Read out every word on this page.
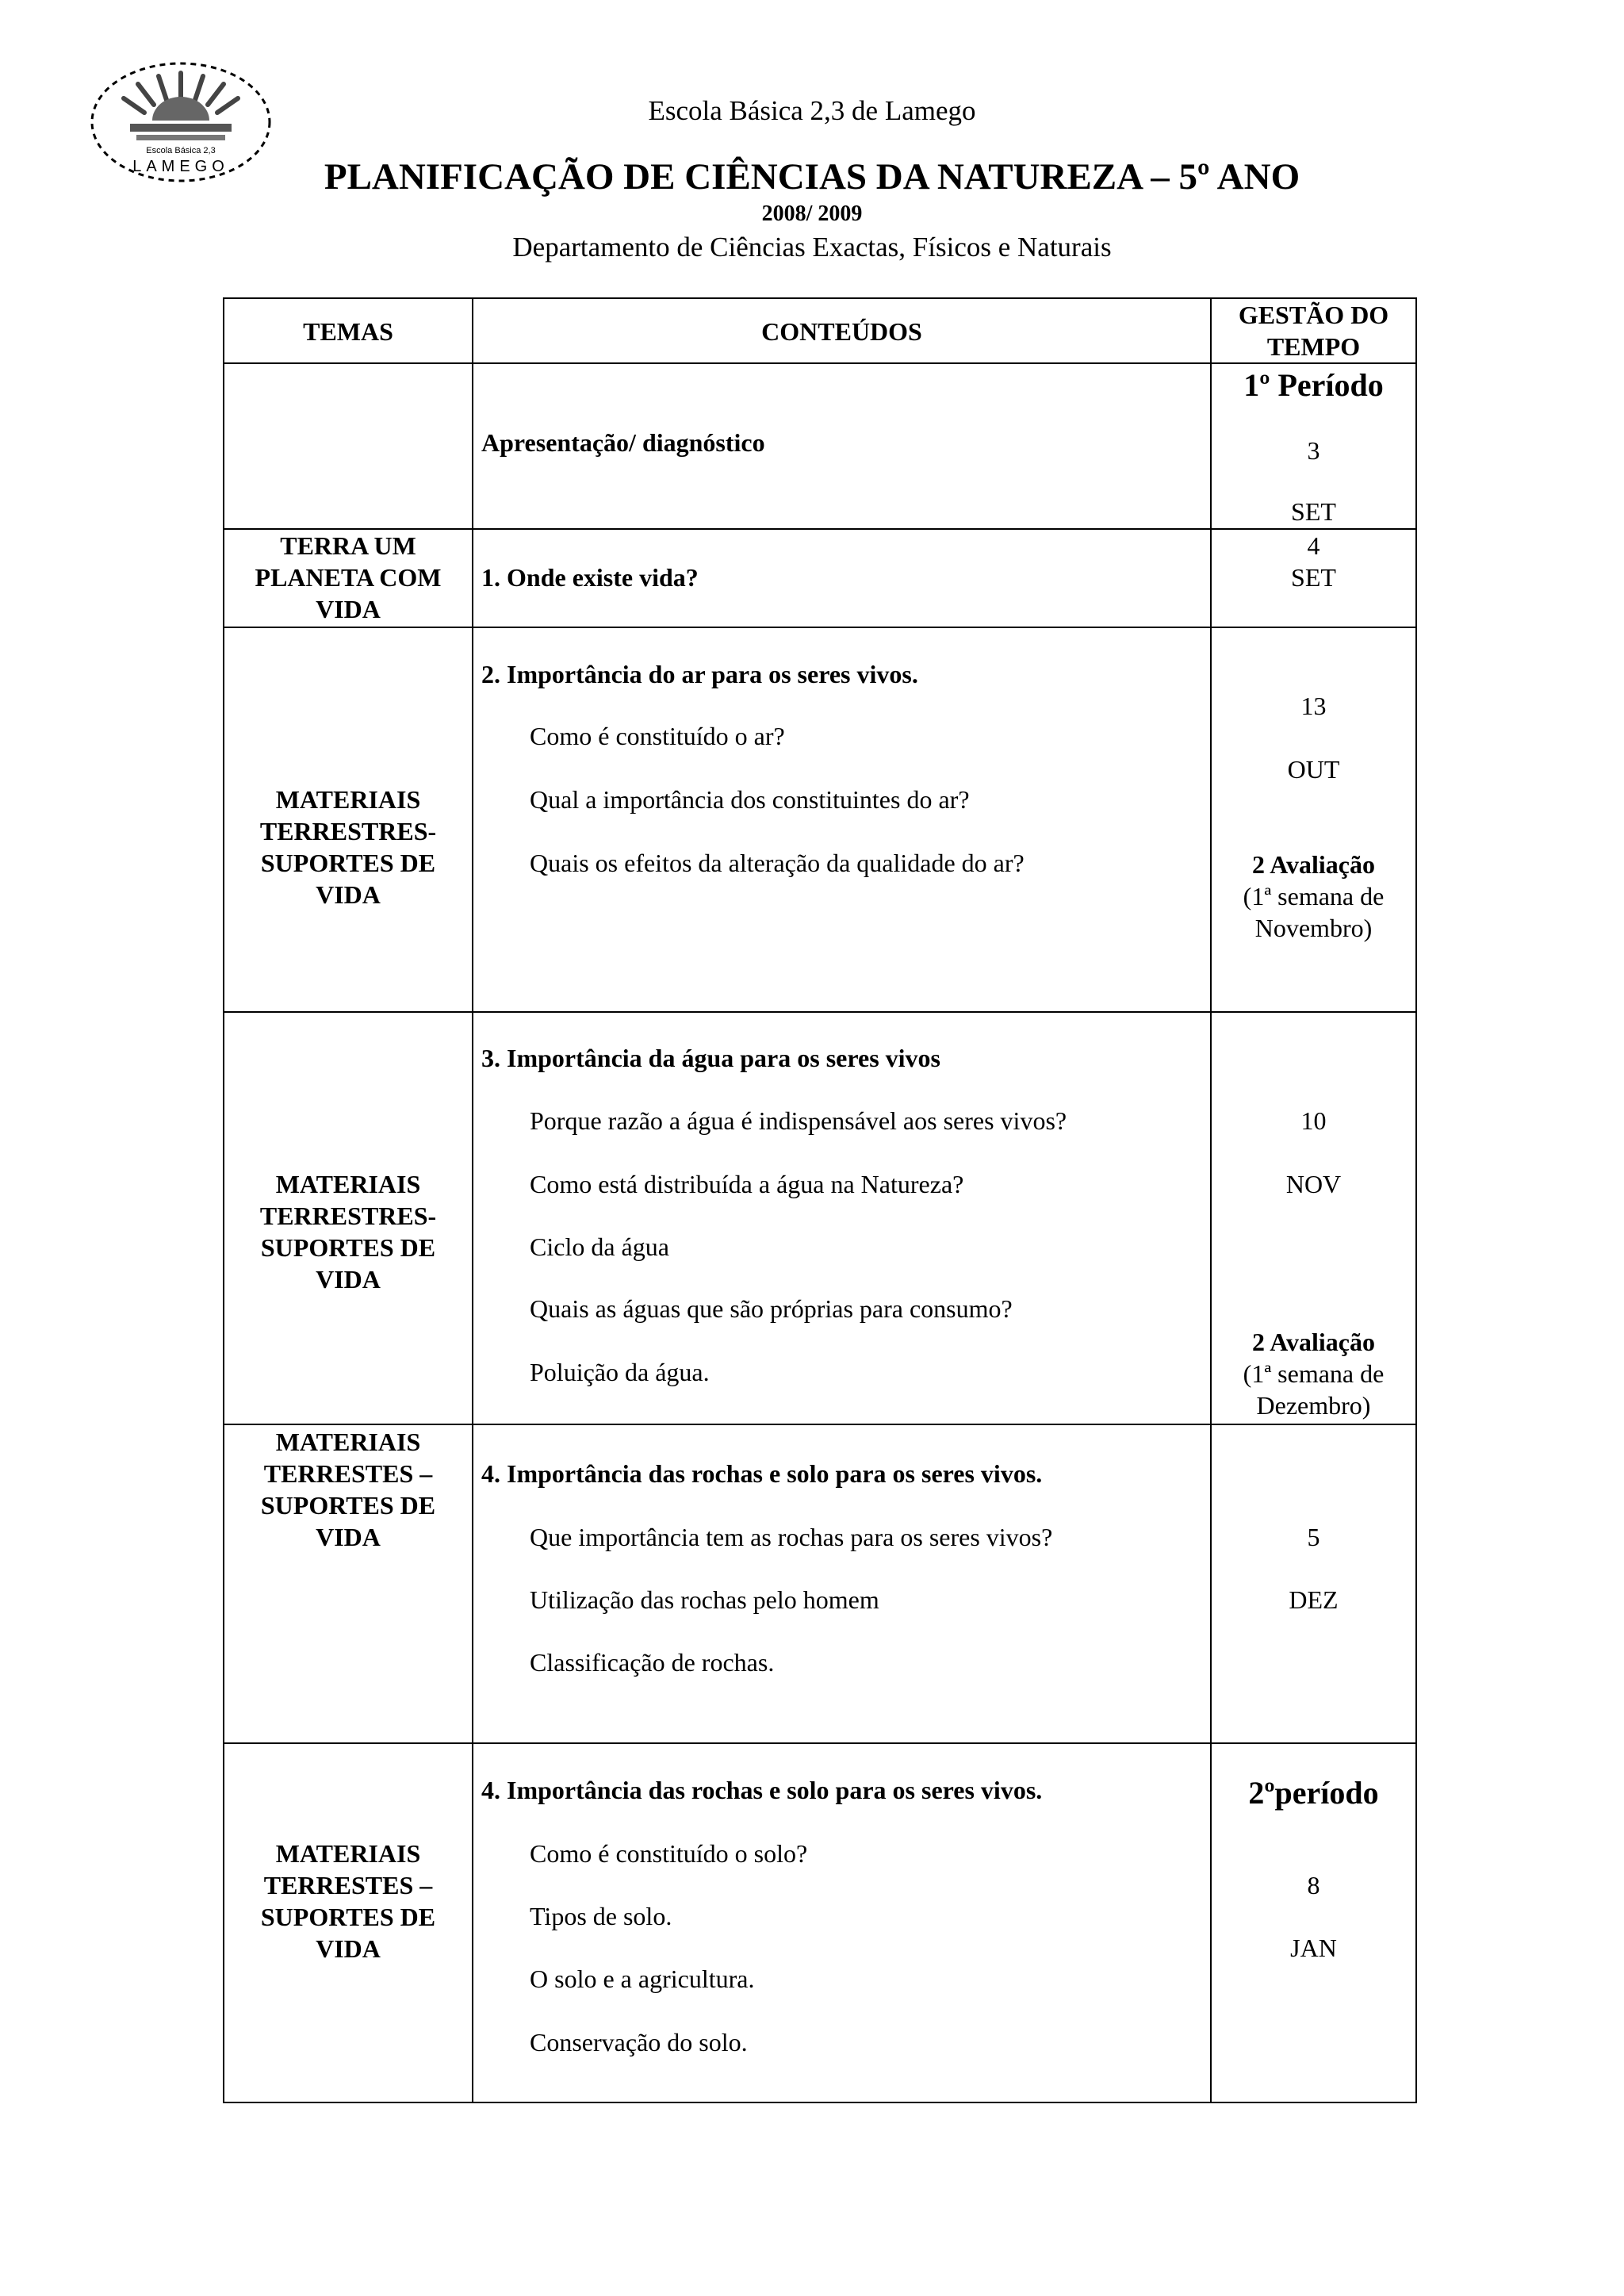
Escola Básica 2,3
LAMEGO
Escola Básica 2,3 de Lamego
PLANIFICAÇÃO DE CIÊNCIAS DA NATUREZA – 5º ANO
2008/ 2009
Departamento de Ciências Exactas, Físicos e Naturais
TEMAS	CONTEÚDOS
GESTÃO DO
TEMPO
1º Período
Apresentação/ diagnóstico	3
SET
TERRA UM
PLANETA COM
VIDA
1. Onde existe vida?
4
SET
MATERIAIS
TERRESTRES-
SUPORTES DE
VIDA
2. Importância do ar para os seres vivos.
Como é constituído o ar?
Qual a importância dos constituintes do ar?
Quais os efeitos da alteração da qualidade do ar?
13
OUT
2 Avaliação
(1ª semana de
Novembro)
MATERIAIS
TERRESTRES-
SUPORTES DE
VIDA
3. Importância da água para os seres vivos
Porque razão a água é indispensável aos seres vivos?
Como está distribuída a água na Natureza?
Ciclo da água
Quais as águas que são próprias para consumo?
Poluição da água.
10
NOV
2 Avaliação
(1ª semana de
Dezembro)
MATERIAIS
TERRESTES –
SUPORTES DE
VIDA
4. Importância das rochas e solo para os seres vivos.
Que importância tem as rochas para os seres vivos?
Utilização das rochas pelo homem
Classificação de rochas.
5
DEZ
MATERIAIS
TERRESTES –
SUPORTES DE
VIDA
4. Importância das rochas e solo para os seres vivos.
Como é constituído o solo?
Tipos de solo.
O solo e a agricultura.
Conservação do solo.
2ºperíodo
8
JAN
